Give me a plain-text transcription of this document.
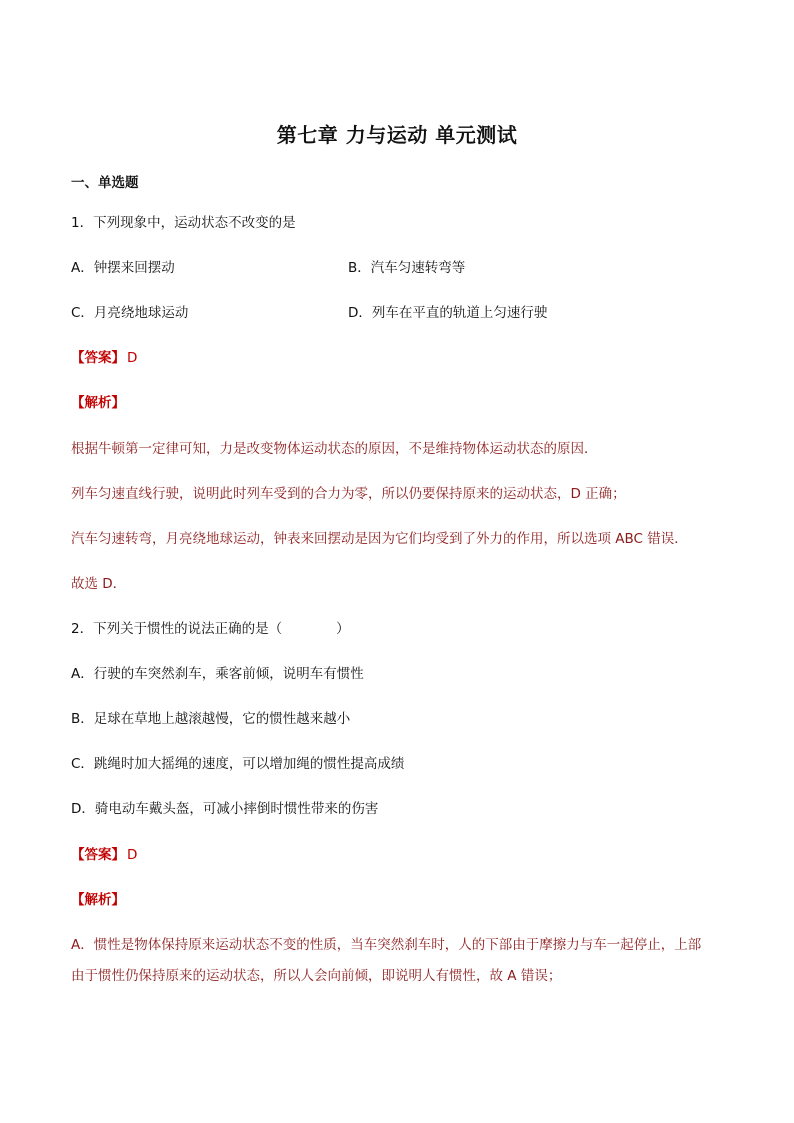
第七章 力与运动 单元测试
一、单选题
1．下列现象中，运动状态不改变的是
A．钟摆来回摆动	B．汽车匀速转弯等
C．月亮绕地球运动	D．列车在平直的轨道上匀速行驶
【答案】 D
【解析】
根据牛顿第一定律可知，力是改变物体运动状态的原因，不是维持物体运动状态的原因．
列车匀速直线行驶，说明此时列车受到的合力为零，所以仍要保持原来的运动状态，D 正确；
汽车匀速转弯，月亮绕地球运动，钟表来回摆动是因为它们均受到了外力的作用，所以选项 ABC 错误．
故选 D．
2．下列关于惯性的说法正确的是（	）
A．行驶的车突然刹车，乘客前倾，说明车有惯性
B．足球在草地上越滚越慢，它的惯性越来越小
C．跳绳时加大摇绳的速度，可以增加绳的惯性提高成绩
D．骑电动车戴头盔，可减小摔倒时惯性带来的伤害
【答案】 D
【解析】
A．惯性是物体保持原来运动状态不变的性质，当车突然刹车时，人的下部由于摩擦力与车一起停止，上部
由于惯性仍保持原来的运动状态，所以人会向前倾，即说明人有惯性，故 A 错误；
